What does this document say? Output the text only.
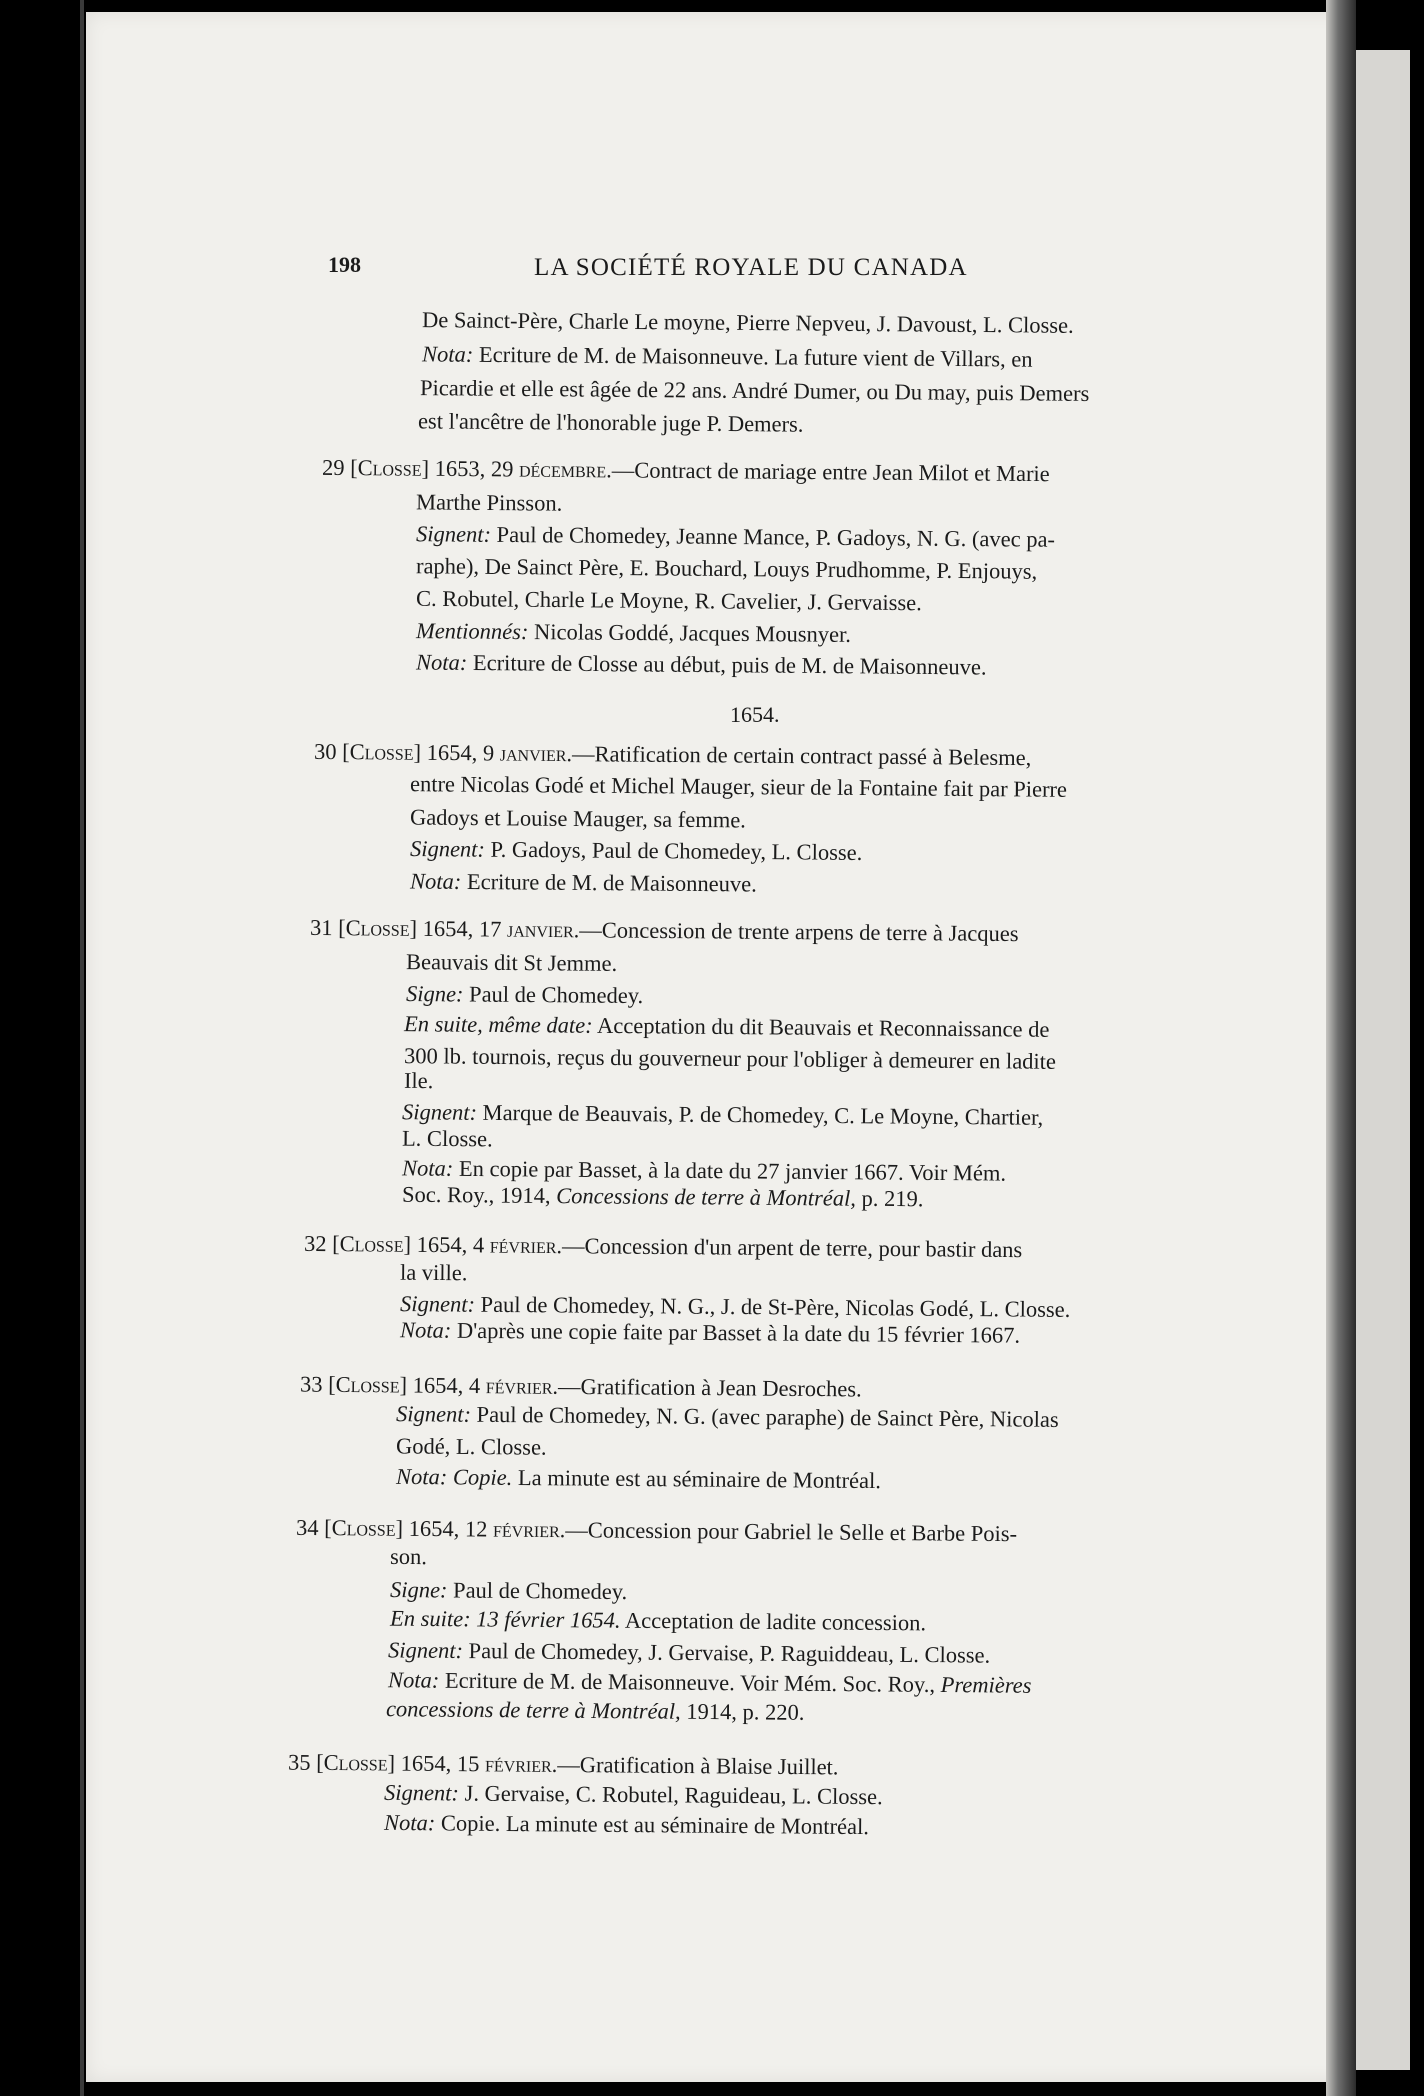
198	LA SOCIÉTÉ ROYALE DU CANADA
De Sainct-Père, Charle Le moyne, Pierre Nepveu, J. Davoust, L. Closse.
Nota: Ecriture de M. de Maisonneuve. La future vient de Villars, en
Picardie et elle est âgée de 22 ans. André Dumer, ou Du may, puis Demers
est l'ancêtre de l'honorable juge P. Demers.
29 [Closse] 1653, 29 décembre.—Contract de mariage entre Jean Milot et Marie
Marthe Pinsson.
Signent: Paul de Chomedey, Jeanne Mance, P. Gadoys, N. G. (avec pa-
raphe), De Sainct Père, E. Bouchard, Louys Prudhomme, P. Enjouys,
C. Robutel, Charle Le Moyne, R. Cavelier, J. Gervaisse.
Mentionnés: Nicolas Goddé, Jacques Mousnyer.
Nota: Ecriture de Closse au début, puis de M. de Maisonneuve.
1654.
30 [Closse] 1654, 9 janvier.—Ratification de certain contract passé à Belesme,
entre Nicolas Godé et Michel Mauger, sieur de la Fontaine fait par Pierre
Gadoys et Louise Mauger, sa femme.
Signent: P. Gadoys, Paul de Chomedey, L. Closse.
Nota: Ecriture de M. de Maisonneuve.
31 [Closse] 1654, 17 janvier.—Concession de trente arpens de terre à Jacques
Beauvais dit St Jemme.
Signe: Paul de Chomedey.
En suite, même date: Acceptation du dit Beauvais et Reconnaissance de
300 lb. tournois, reçus du gouverneur pour l'obliger à demeurer en ladite
Ile.
Signent: Marque de Beauvais, P. de Chomedey, C. Le Moyne, Chartier,
L. Closse.
Nota: En copie par Basset, à la date du 27 janvier 1667. Voir Mém.
Soc. Roy., 1914, Concessions de terre à Montréal, p. 219.
32 [Closse] 1654, 4 février.—Concession d'un arpent de terre, pour bastir dans
la ville.
Signent: Paul de Chomedey, N. G., J. de St-Père, Nicolas Godé, L. Closse.
Nota: D'après une copie faite par Basset à la date du 15 février 1667.
33 [Closse] 1654, 4 février.—Gratification à Jean Desroches.
Signent: Paul de Chomedey, N. G. (avec paraphe) de Sainct Père, Nicolas
Godé, L. Closse.
Nota: Copie. La minute est au séminaire de Montréal.
34 [Closse] 1654, 12 février.—Concession pour Gabriel le Selle et Barbe Pois-
son.
Signe: Paul de Chomedey.
En suite: 13 février 1654. Acceptation de ladite concession.
Signent: Paul de Chomedey, J. Gervaise, P. Raguiddeau, L. Closse.
Nota: Ecriture de M. de Maisonneuve. Voir Mém. Soc. Roy., Premières
concessions de terre à Montréal, 1914, p. 220.
35 [Closse] 1654, 15 février.—Gratification à Blaise Juillet.
Signent: J. Gervaise, C. Robutel, Raguideau, L. Closse.
Nota: Copie. La minute est au séminaire de Montréal.
